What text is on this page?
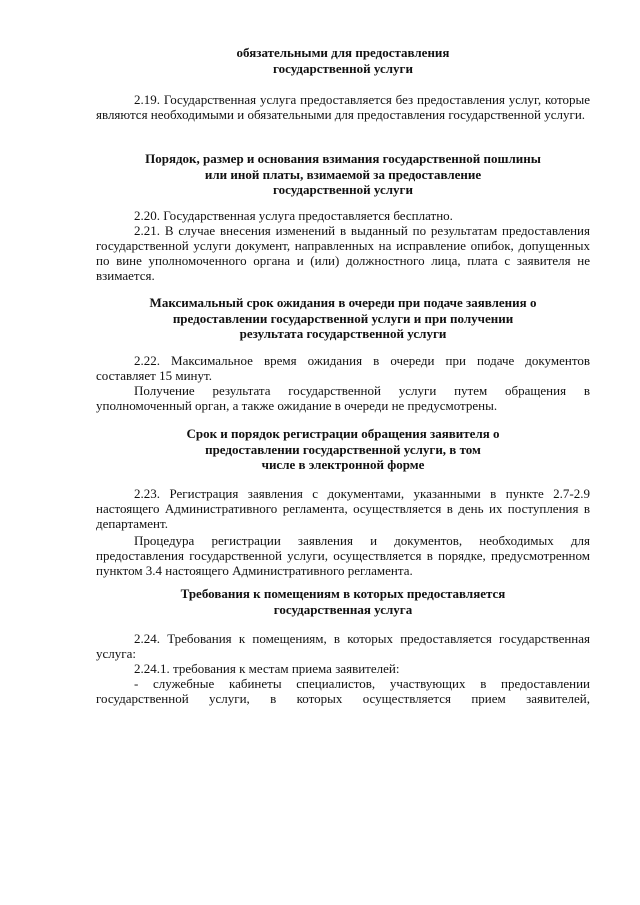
обязательными для предоставления
государственной услуги
2.19. Государственная услуга предоставляется без предоставления услуг, которые являются необходимыми и обязательными для предоставления государственной услуги.
Порядок, размер и основания взимания государственной пошлины
или иной платы, взимаемой за предоставление
государственной услуги
2.20. Государственная услуга предоставляется бесплатно.
2.21. В случае внесения изменений в выданный по результатам предоставления государственной услуги документ, направленных на исправление опибок, допущенных по вине уполномоченного органа и (или) должностного лица, плата с заявителя не взимается.
Максимальный срок ожидания в очереди при подаче заявления о
предоставлении государственной услуги и при получении
результата государственной услуги
2.22. Максимальное время ожидания в очереди при подаче документов составляет 15 минут.
Получение результата государственной услуги путем обращения в уполномоченный орган, а также ожидание в очереди не предусмотрены.
Срок и порядок регистрации обращения заявителя о
предоставлении государственной услуги, в том
числе в электронной форме
2.23. Регистрация заявления с документами, указанными в пункте 2.7-2.9 настоящего Административного регламента, осуществляется в день их поступления в департамент.
Процедура регистрации заявления и документов, необходимых для предоставления государственной услуги, осуществляется в порядке, предусмотренном пунктом 3.4 настоящего Административного регламента.
Требования к помещениям в которых предоставляется
государственная услуга
2.24. Требования к помещениям, в которых предоставляется государственная услуга:
2.24.1. требования к местам приема заявителей:
- служебные кабинеты специалистов, участвующих в предоставлении государственной услуги, в которых осуществляется прием заявителей,
